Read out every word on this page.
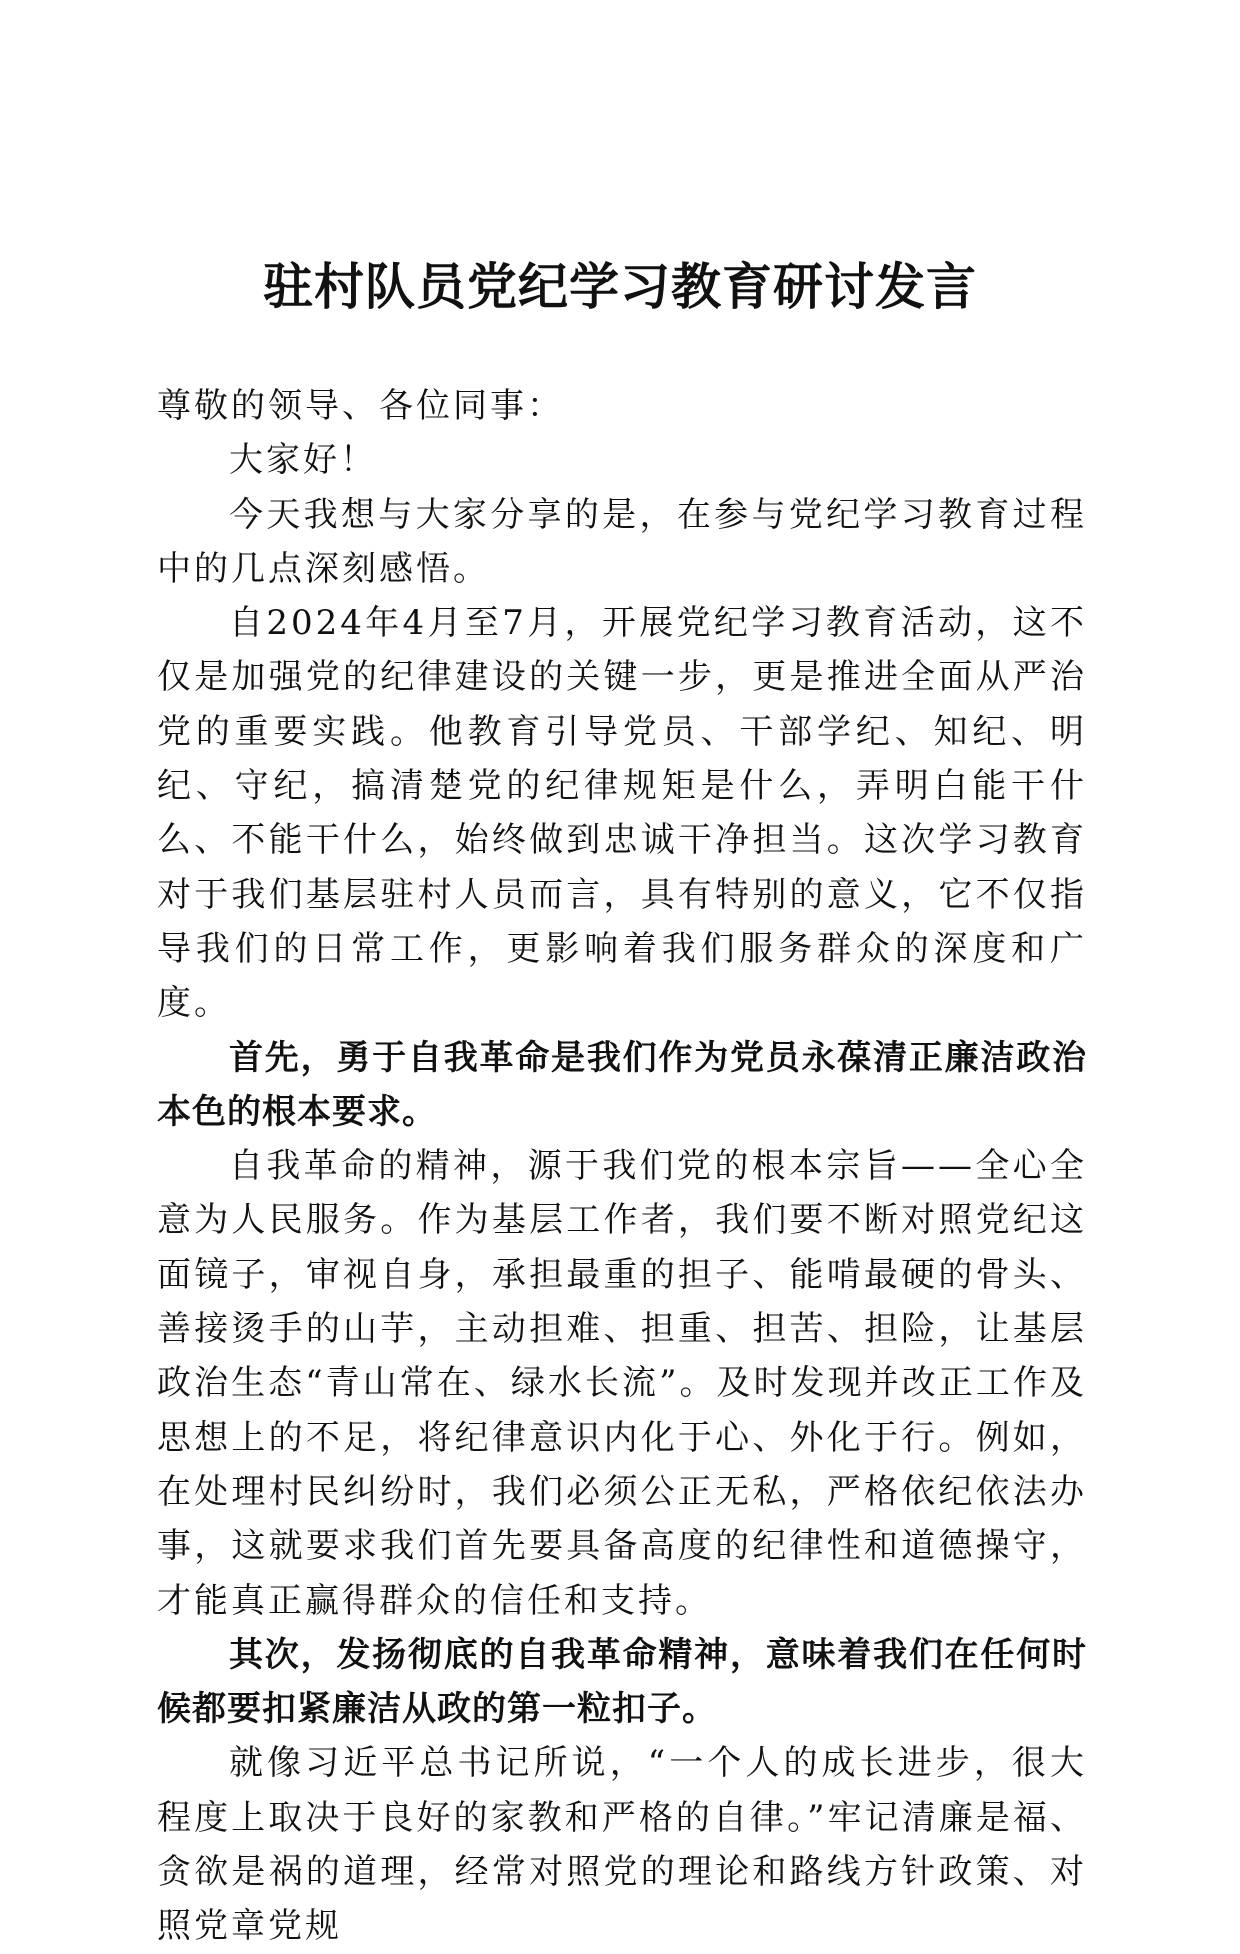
驻村队员党纪学习教育研讨发言

尊敬的领导、各位同事：

大家好！

今天我想与大家分享的是，在参与党纪学习教育过程中的几点深刻感悟。

自2024年4月至7月，开展党纪学习教育活动，这不仅是加强党的纪律建设的关键一步，更是推进全面从严治党的重要实践。他教育引导党员、干部学纪、知纪、明纪、守纪，搞清楚党的纪律规矩是什么，弄明白能干什么、不能干什么，始终做到忠诚干净担当。这次学习教育对于我们基层驻村人员而言，具有特别的意义，它不仅指导我们的日常工作，更影响着我们服务群众的深度和广度。

首先，勇于自我革命是我们作为党员永葆清正廉洁政治本色的根本要求。

自我革命的精神，源于我们党的根本宗旨——全心全意为人民服务。作为基层工作者，我们要不断对照党纪这面镜子，审视自身，承担最重的担子、能啃最硬的骨头、善接烫手的山芋，主动担难、担重、担苦、担险，让基层政治生态“青山常在、绿水长流”。及时发现并改正工作及思想上的不足，将纪律意识内化于心、外化于行。例如，在处理村民纠纷时，我们必须公正无私，严格依纪依法办事，这就要求我们首先要具备高度的纪律性和道德操守，才能真正赢得群众的信任和支持。

其次，发扬彻底的自我革命精神，意味着我们在任何时候都要扣紧廉洁从政的第一粒扣子。

就像习近平总书记所说，“一个人的成长进步，很大程度上取决于良好的家教和严格的自律。”牢记清廉是福、贪欲是祸的道理，经常对照党的理论和路线方针政策、对照党章党规
